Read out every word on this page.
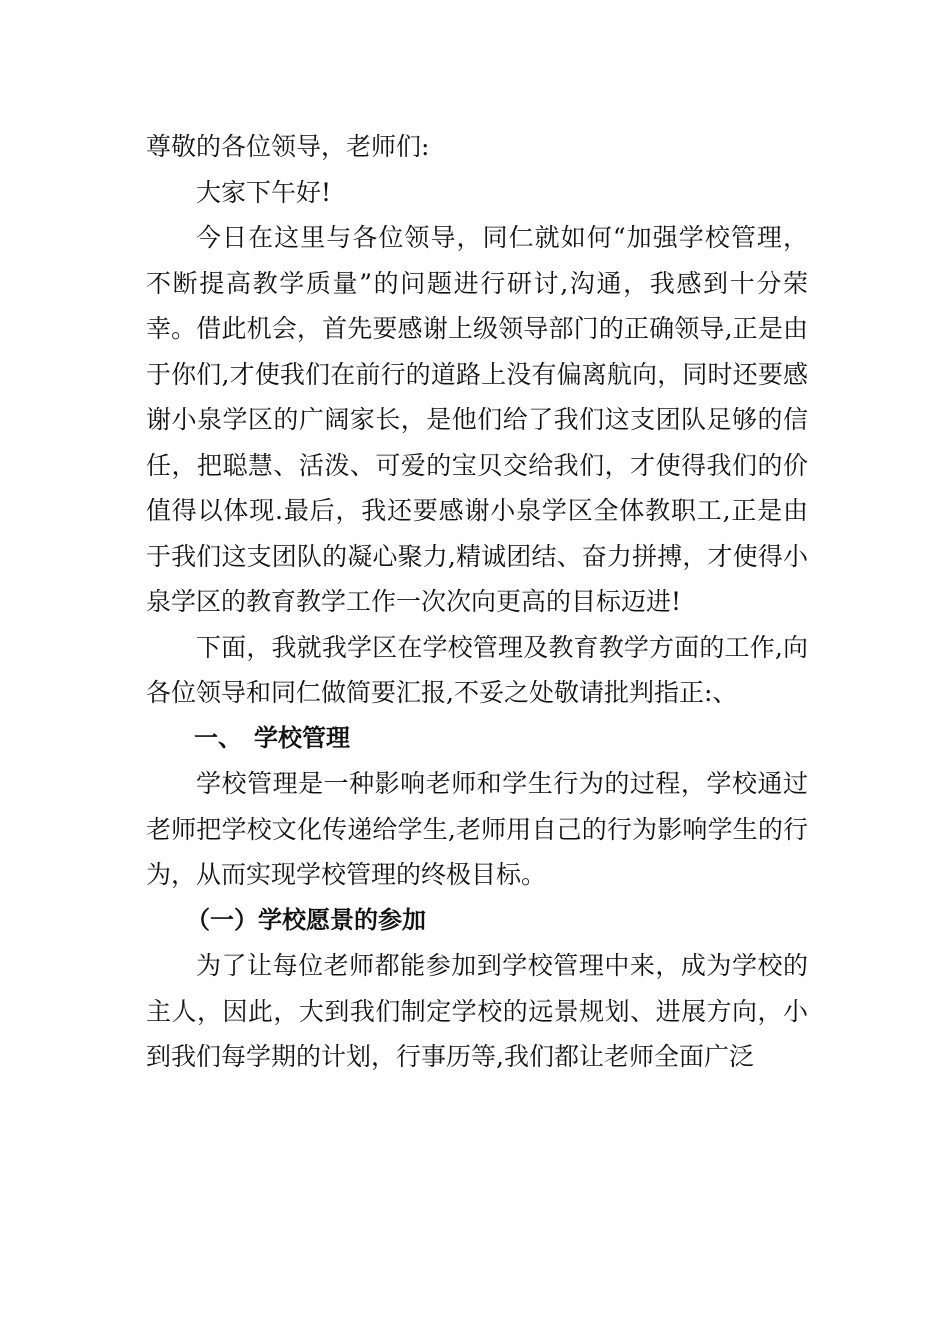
尊敬的各位领导，老师们:

大家下午好!

今日在这里与各位领导，同仁就如何“加强学校管理，不断提高教学质量”的问题进行研讨,沟通，我感到十分荣幸。借此机会，首先要感谢上级领导部门的正确领导,正是由于你们,才使我们在前行的道路上没有偏离航向，同时还要感谢小泉学区的广阔家长，是他们给了我们这支团队足够的信任，把聪慧、活泼、可爱的宝贝交给我们，才使得我们的价值得以体现.最后，我还要感谢小泉学区全体教职工,正是由于我们这支团队的凝心聚力,精诚团结、奋力拼搏，才使得小泉学区的教育教学工作一次次向更高的目标迈进!

下面，我就我学区在学校管理及教育教学方面的工作,向各位领导和同仁做简要汇报,不妥之处敬请批判指正:、

一、 学校管理

学校管理是一种影响老师和学生行为的过程，学校通过老师把学校文化传递给学生,老师用自己的行为影响学生的行为，从而实现学校管理的终极目标。

（一）学校愿景的参加

为了让每位老师都能参加到学校管理中来，成为学校的主人，因此，大到我们制定学校的远景规划、进展方向，小到我们每学期的计划，行事历等,我们都让老师全面广泛
